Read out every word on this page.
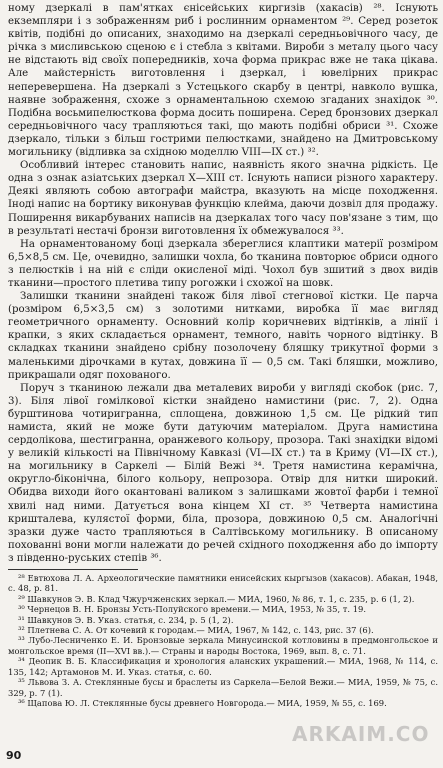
ному дзеркалі в пам'ятках єнісейських киргизів (хакасів) ²⁸. Існують екземпляри і з зображенням риб і рослинним орнаментом ²⁹. Серед розеток квітів, подібні до описаних, знаходимо на дзеркалі середньовічного часу, де річка з мисливською сценою є і стебла з квітами. Вироби з металу цього часу не відстають від своїх попередників, хоча форма прикрас вже не така цікава. Але майстерність виготовлення і дзеркал, і ювелірних прикрас непеpевершена. На дзеркалі з Устецького скарбу в центрі, навколо вушка, наявне зображення, схоже з орнаментальною схемою згаданих знахідок ³⁰. Подібна восьмипелюсткова форма досить поширена. Серед бронзових дзеркал середньовічного часу трапляються такі, що мають подібні обриси ³¹. Схоже дзеркало, тільки з більш гострими пелюстками, знайдено на Дмитровському могильнику (відливка за східною моделлю VIII—IX ст.) ³².

Особливий інтерес становить напис, наявність якого значна рідкість. Це одна з ознак азіатських дзеркал X—XIII ст. Існують написи різного характеру. Деякі являють собою автографи майстра, вказують на місце походження. Іноді напис на бортику виконував функцію клейма, даючи дозвіл для продажу. Поширення викарбуваних написів на дзеркалах того часу пов'язане з тим, що в результаті нестачі бронзи виготовлення їх обмежувалося ³³.

На орнаментованому боці дзеркала збереглися клаптики матерії розміром 6,5×8,5 см. Це, очевидно, залишки чохла, бо тканина повторює обриси одного з пелюстків і на ній є сліди окисленої міді. Чохол був зшитий з двох видів тканини—простого плетива типу рогожки і схожої на шовк.

Залишки тканини знайдені також біля лівої стегнової кістки. Це парча (розміром 6,5×3,5 см) з золотими нитками, виробка її має вигляд геометричного орнаменту. Основний колір коричневих відтінків, а лінії і крапки, з яких складається орнамент, темного, навіть чорного відтінку. В складках тканини знайдено срібну позолочену бляшку трикутної форми з маленькими дірочками в кутах, довжина її — 0,5 см. Такі бляшки, можливо, прикрашали одяг похованого.

Поруч з тканиною лежали два металевих вироби у вигляді скобок (рис. 7, 3). Біля лівої гомілкової кістки знайдено намистини (рис. 7, 2). Одна бурштинова чотиригранна, сплощена, довжиною 1,5 см. Це рідкий тип намиста, який не може бути датуючим матеріалом. Друга намистина сердолікова, шестигранна, оранжевого кольору, прозора. Такі знахідки відомі у великій кількості на Північному Кавказі (VI—IX ст.) та в Криму (VI—IX ст.), на могильнику в Саркелі — Білій Вежі ³⁴. Третя намистина керамічна, округло-біконічна, білого кольору, непрозора. Отвір для нитки широкий. Обидва виходи його окантовані валиком з залишками жовтої фарби і темної хвилі над ними. Датується вона кінцем XI ст. ³⁵ Четверта намистина кришталева, кулястої форми, біла, прозора, довжиною 0,5 см. Аналогічні зразки дуже часто трапляються в Салтівському могильнику. В описаному похованні вони могли належати до речей східного походження або до імпорту з південно-руських степів ³⁶.

²⁸ Евтюхова Л. А. Археологические памятники енисейских кыргызов (хакасов). Абакан, 1948, с. 48, р. 81.

²⁹ Шавкунов Э. В. Клад Чжурчженских зеркал.— МИА, 1960, № 86, т. 1, с. 235, р. 6 (1, 2).

³⁰ Чернецов В. Н. Бронзы Усть-Полуйского времени.— МИА, 1953, № 35, т. 19.

³¹ Шавкунов Э. В. Указ. статья, с. 234, р. 5 (1, 2).

³² Плетнева С. А. От кочевий к городам.— МИА, 1967, № 142, с. 143, рис. 37 (6).

³³ Лубо-Лесниченко Е. И. Бронзовые зеркала Минусинской котловины в предмонгольское и монгольское время (II—XVI вв.).— Страны и народы Востока, 1969, вып. 8, с. 71.

³⁴ Деопик В. Б. Классификация и хронология аланских украшений.— МИА, 1968, № 114, с. 135, 142; Артамонов М. И. Указ. статья, с. 60.

³⁵ Львова З. А. Стеклянные бусы и браслеты из Саркела—Белой Вежи.— МИА, 1959, № 75, с. 329, р. 7 (1).

³⁶ Щапова Ю. Л. Стеклянные бусы древнего Новгорода.— МИА, 1959, № 55, с. 169.

90
ARKAIM.CO
